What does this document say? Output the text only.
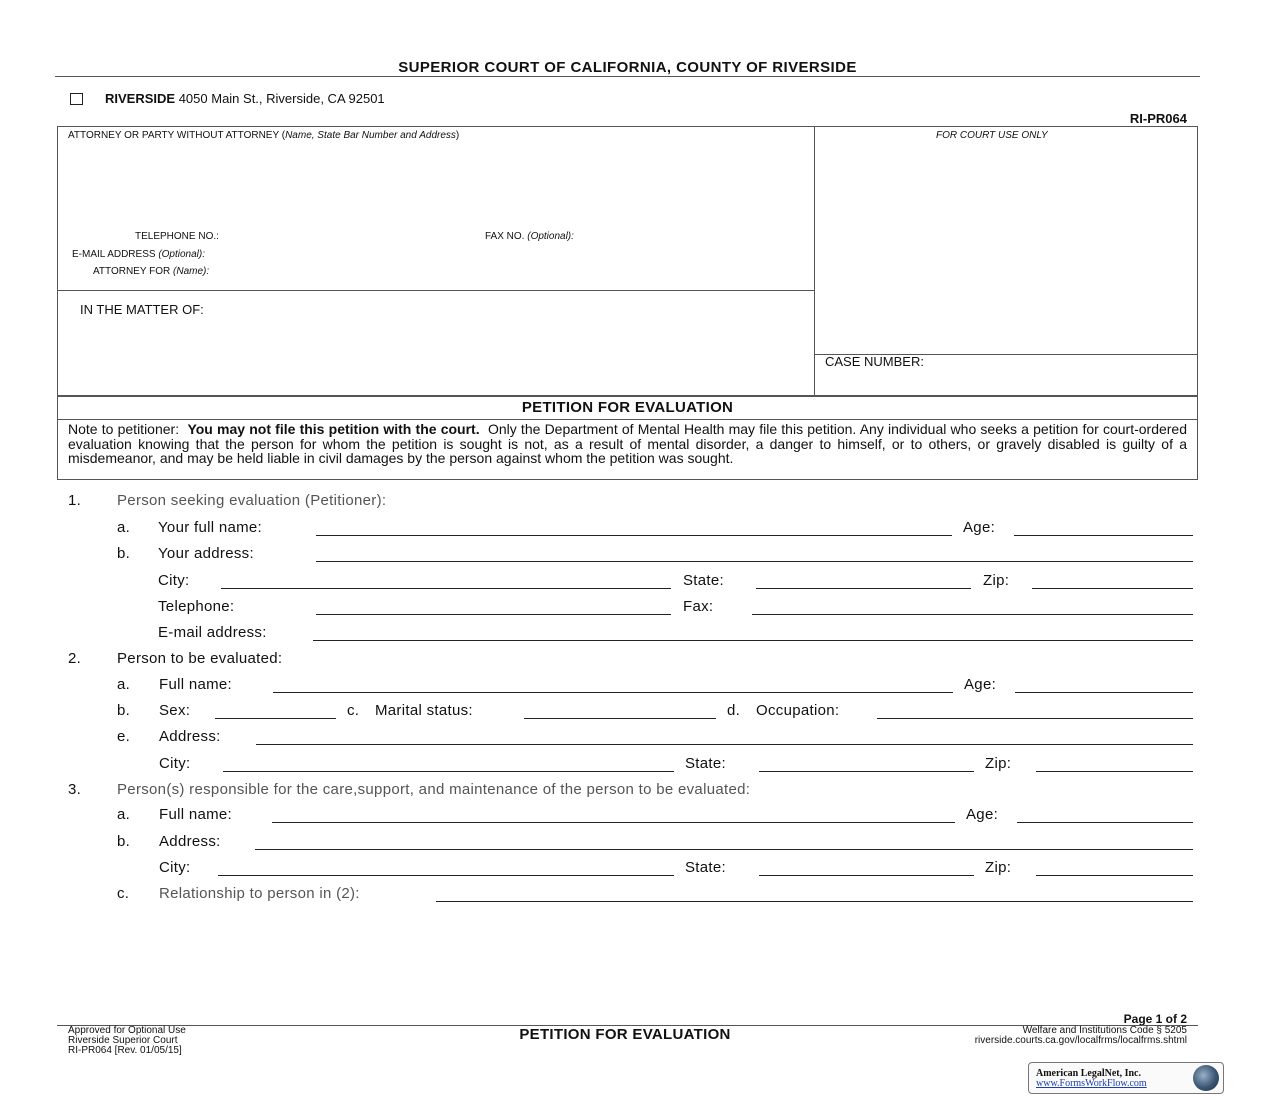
SUPERIOR COURT OF CALIFORNIA, COUNTY OF RIVERSIDE
RIVERSIDE 4050 Main St., Riverside, CA 92501
RI-PR064
ATTORNEY OR PARTY WITHOUT ATTORNEY (Name, State Bar Number and Address)	FOR COURT USE ONLY
TELEPHONE NO.:	FAX NO. (Optional):
E-MAIL ADDRESS (Optional):
ATTORNEY FOR (Name):
IN THE MATTER OF:
CASE NUMBER:
PETITION FOR EVALUATION
Note to petitioner: You may not file this petition with the court. Only the Department of Mental Health may file this petition. Any individual who seeks a petition for court-ordered evaluation knowing that the person for whom the petition is sought is not, as a result of mental disorder, a danger to himself, or to others, or gravely disabled is guilty of a misdemeanor, and may be held liable in civil damages by the person against whom the petition was sought.
1. Person seeking evaluation (Petitioner):
a. Your full name:	Age:
b. Your address:
City:	State:	Zip:
Telephone:	Fax:
E-mail address:
2. Person to be evaluated:
a. Full name:	Age:
b. Sex:	c. Marital status:	d. Occupation:
e. Address:
City:	State:	Zip:
3. Person(s) responsible for the care,support, and maintenance of the person to be evaluated:
a. Full name:	Age:
b. Address:
City:	State:	Zip:
c. Relationship to person in (2):
Page 1 of 2
Approved for Optional Use
Riverside Superior Court
RI-PR064 [Rev. 01/05/15]
PETITION FOR EVALUATION	Welfare and Institutions Code § 5205
riverside.courts.ca.gov/localfrms/localfrms.shtml
American LegalNet, Inc.
www.FormsWorkFlow.com
